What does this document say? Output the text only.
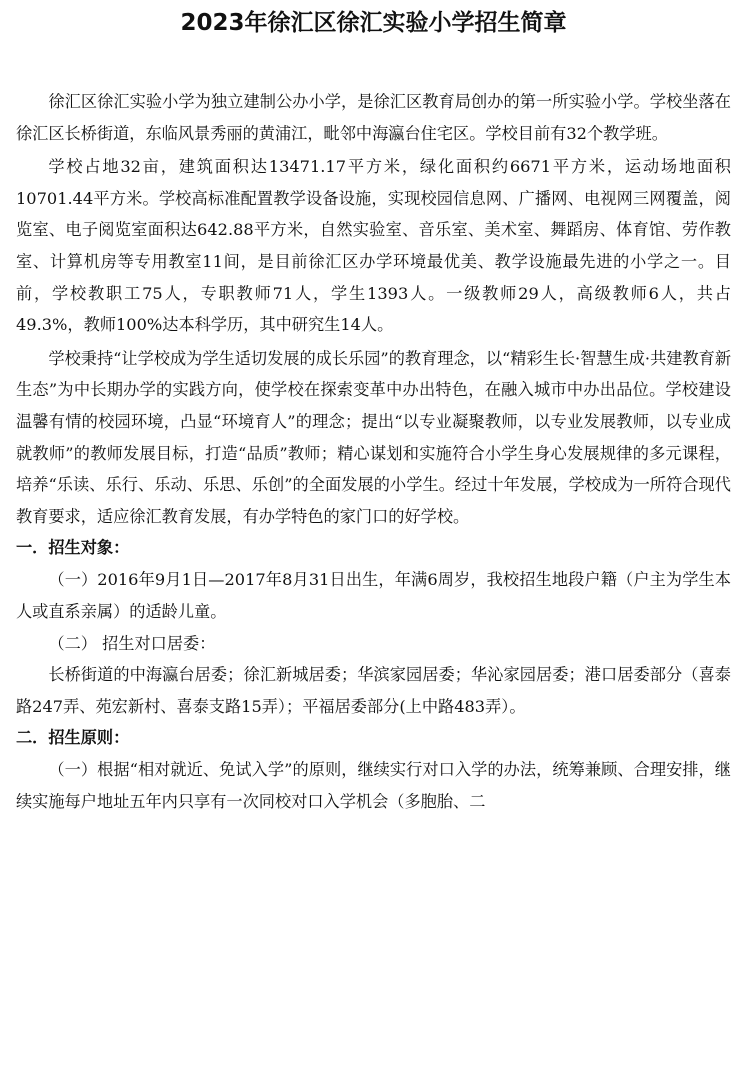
2023年徐汇区徐汇实验小学招生简章

徐汇区徐汇实验小学为独立建制公办小学，是徐汇区教育局创办的第一所实验小学。学校坐落在徐汇区长桥街道，东临风景秀丽的黄浦江，毗邻中海瀛台住宅区。学校目前有32个教学班。

学校占地32亩，建筑面积达13471.17平方米，绿化面积约6671平方米，运动场地面积10701.44平方米。学校高标准配置教学设备设施，实现校园信息网、广播网、电视网三网覆盖，阅览室、电子阅览室面积达642.88平方米，自然实验室、音乐室、美术室、舞蹈房、体育馆、劳作教室、计算机房等专用教室11间，是目前徐汇区办学环境最优美、教学设施最先进的小学之一。目前，学校教职工75人，专职教师71人，学生1393人。一级教师29人，高级教师6人，共占49.3%，教师100%达本科学历，其中研究生14人。

学校秉持“让学校成为学生适切发展的成长乐园”的教育理念，以“精彩生长·智慧生成·共建教育新生态”为中长期办学的实践方向，使学校在探索变革中办出特色，在融入城市中办出品位。学校建设温馨有情的校园环境，凸显“环境育人”的理念；提出“以专业凝聚教师，以专业发展教师，以专业成就教师”的教师发展目标，打造“品质”教师；精心谋划和实施符合小学生身心发展规律的多元课程，培养“乐读、乐行、乐动、乐思、乐创”的全面发展的小学生。经过十年发展，学校成为一所符合现代教育要求，适应徐汇教育发展，有办学特色的家门口的好学校。

一．招生对象：

（一）2016年9月1日—2017年8月31日出生，年满6周岁，我校招生地段户籍（户主为学生本人或直系亲属）的适龄儿童。

（二） 招生对口居委：

长桥街道的中海瀛台居委；徐汇新城居委；华滨家园居委；华沁家园居委；港口居委部分（喜泰路247弄、苑宏新村、喜泰支路15弄）；平福居委部分(上中路483弄）。

二．招生原则：

（一）根据“相对就近、免试入学”的原则，继续实行对口入学的办法，统筹兼顾、合理安排，继续实施每户地址五年内只享有一次同校对口入学机会（多胞胎、二
